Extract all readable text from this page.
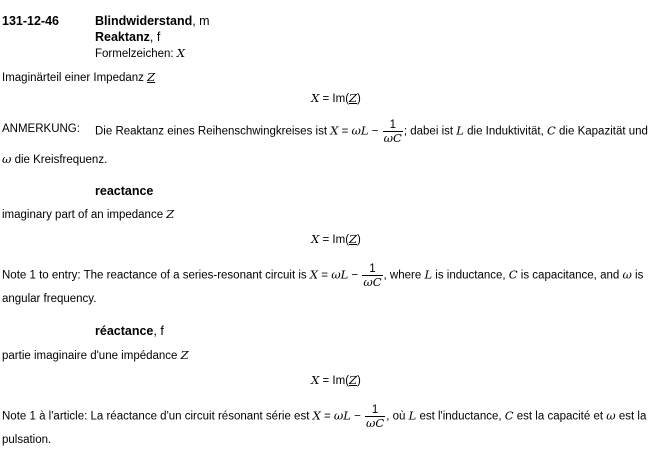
131-12-46	Blindwiderstand, m
Reaktanz, f
Formelzeichen: X
Imaginärteil einer Impedanz Z
X = Im(Z)
ANMERKUNG: Die Reaktanz eines Reihenschwingkreises ist $X = \omega L - \frac{1}{\omega C}$ ; dabei ist L die Induktivität, C die Kapazität und
ω die Kreisfrequenz.
reactance
imaginary part of an impedance Z
X = Im(Z)
Note 1 to entry: The reactance of a series-resonant circuit is $X = \omega L - \frac{1}{\omega C}$ , where L is inductance, C is capacitance, and ω is
angular frequency.
réactance, f
partie imaginaire d'une impédance Z
X = Im(Z)
Note 1 à l'article: La réactance d'un circuit résonant série est $X = \omega L - \frac{1}{\omega C}$ , où L est l'inductance, C est la capacité et ω est la
pulsation.
